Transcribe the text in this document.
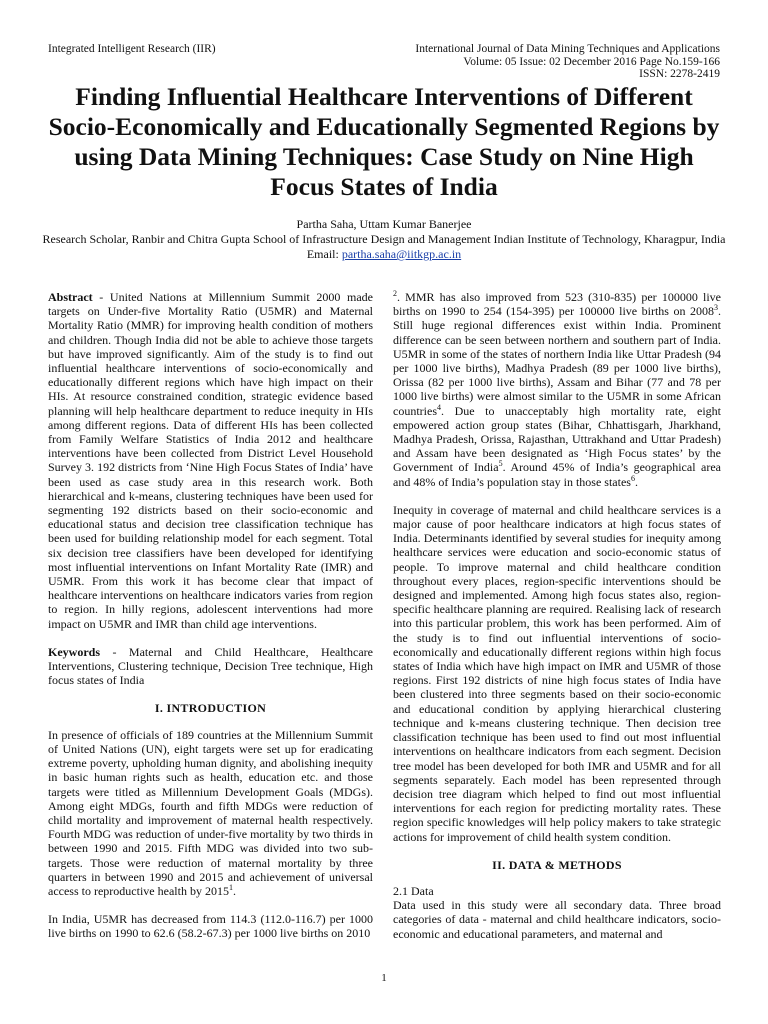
Integrated Intelligent Research (IIR)	International Journal of Data Mining Techniques and Applications
Volume: 05 Issue: 02 December 2016 Page No.159-166
ISSN: 2278-2419
Finding Influential Healthcare Interventions of Different Socio-Economically and Educationally Segmented Regions by using Data Mining Techniques: Case Study on Nine High Focus States of India
Partha Saha, Uttam Kumar Banerjee
Research Scholar, Ranbir and Chitra Gupta School of Infrastructure Design and Management Indian Institute of Technology, Kharagpur, India
Email: partha.saha@iitkgp.ac.in

Abstract - United Nations at Millennium Summit 2000 made targets on Under-five Mortality Ratio (U5MR) and Maternal Mortality Ratio (MMR) for improving health condition of mothers and children. Though India did not be able to achieve those targets but have improved significantly. Aim of the study is to find out influential healthcare interventions of socio-economically and educationally different regions which have high impact on their HIs. At resource constrained condition, strategic evidence based planning will help healthcare department to reduce inequity in HIs among different regions. Data of different HIs has been collected from Family Welfare Statistics of India 2012 and healthcare interventions have been collected from District Level Household Survey 3. 192 districts from ‘Nine High Focus States of India’ have been used as case study area in this research work. Both hierarchical and k-means, clustering techniques have been used for segmenting 192 districts based on their socio-economic and educational status and decision tree classification technique has been used for building relationship model for each segment. Total six decision tree classifiers have been developed for identifying most influential interventions on Infant Mortality Rate (IMR) and U5MR. From this work it has become clear that impact of healthcare interventions on healthcare indicators varies from region to region. In hilly regions, adolescent interventions had more impact on U5MR and IMR than child age interventions.

Keywords - Maternal and Child Healthcare, Healthcare Interventions, Clustering technique, Decision Tree technique, High focus states of India

I. INTRODUCTION

In presence of officials of 189 countries at the Millennium Summit of United Nations (UN), eight targets were set up for eradicating extreme poverty, upholding human dignity, and abolishing inequity in basic human rights such as health, education etc. and those targets were titled as Millennium Development Goals (MDGs). Among eight MDGs, fourth and fifth MDGs were reduction of child mortality and improvement of maternal health respectively. Fourth MDG was reduction of under-five mortality by two thirds in between 1990 and 2015. Fifth MDG was divided into two sub-targets. Those were reduction of maternal mortality by three quarters in between 1990 and 2015 and achievement of universal access to reproductive health by 2015$^1$.

In India, U5MR has decreased from 114.3 (112.0-116.7) per 1000 live births on 1990 to 62.6 (58.2-67.3) per 1000 live births on 2010

$^2$. MMR has also improved from 523 (310-835) per 100000 live births on 1990 to 254 (154-395) per 100000 live births on 2008$^3$. Still huge regional differences exist within India. Prominent difference can be seen between northern and southern part of India. U5MR in some of the states of northern India like Uttar Pradesh (94 per 1000 live births), Madhya Pradesh (89 per 1000 live births), Orissa (82 per 1000 live births), Assam and Bihar (77 and 78 per 1000 live births) were almost similar to the U5MR in some African countries$^4$. Due to unacceptably high mortality rate, eight empowered action group states (Bihar, Chhattisgarh, Jharkhand, Madhya Pradesh, Orissa, Rajasthan, Uttrakhand and Uttar Pradesh) and Assam have been designated as ‘High Focus states’ by the Government of India$^5$. Around 45% of India’s geographical area and 48% of India’s population stay in those states$^6$.

Inequity in coverage of maternal and child healthcare services is a major cause of poor healthcare indicators at high focus states of India. Determinants identified by several studies for inequity among healthcare services were education and socio-economic status of people. To improve maternal and child healthcare condition throughout every places, region-specific interventions should be designed and implemented. Among high focus states also, region-specific healthcare planning are required. Realising lack of research into this particular problem, this work has been performed. Aim of the study is to find out influential interventions of socio-economically and educationally different regions within high focus states of India which have high impact on IMR and U5MR of those regions. First 192 districts of nine high focus states of India have been clustered into three segments based on their socio-economic and educational condition by applying hierarchical clustering technique and k-means clustering technique. Then decision tree classification technique has been used to find out most influential interventions on healthcare indicators from each segment. Decision tree model has been developed for both IMR and U5MR and for all segments separately. Each model has been represented through decision tree diagram which helped to find out most influential interventions for each region for predicting mortality rates. These region specific knowledges will help policy makers to take strategic actions for improvement of child health system condition.

II. DATA & METHODS
2.1 Data

Data used in this study were all secondary data. Three broad categories of data - maternal and child healthcare indicators, socio-economic and educational parameters, and maternal and

1
